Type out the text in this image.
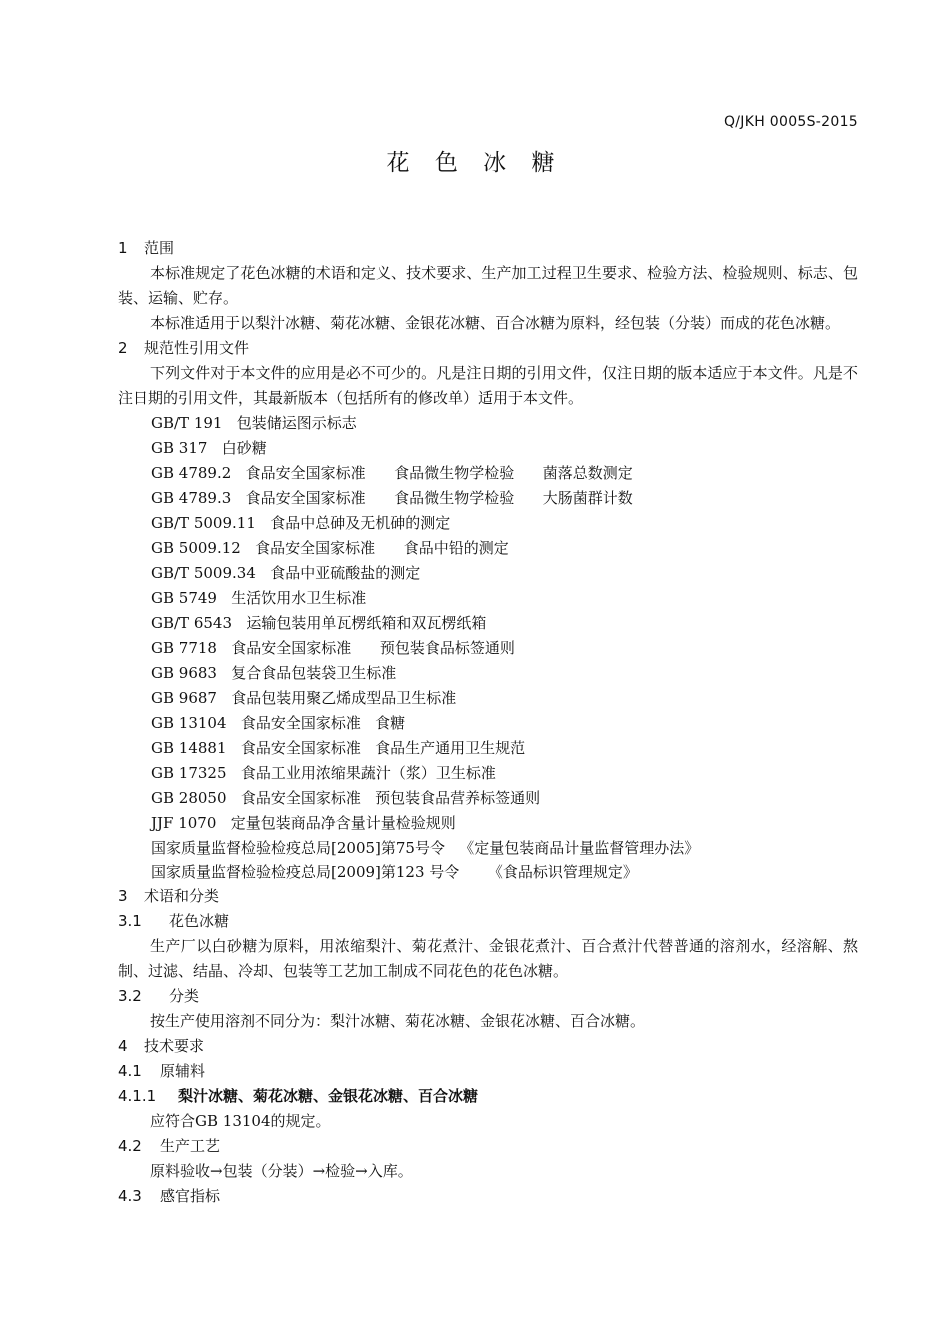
Q/JKH 0005S-2015
花 色 冰 糖
1 范围
本标准规定了花色冰糖的术语和定义、技术要求、生产加工过程卫生要求、检验方法、检验规则、标志、包装、运输、贮存。
本标准适用于以梨汁冰糖、菊花冰糖、金银花冰糖、百合冰糖为原料，经包装（分装）而成的花色冰糖。
2 规范性引用文件
下列文件对于本文件的应用是必不可少的。凡是注日期的引用文件，仅注日期的版本适应于本文件。凡是不注日期的引用文件，其最新版本（包括所有的修改单）适用于本文件。
GB/T 191 包装储运图示标志
GB 317 白砂糖
GB 4789.2 食品安全国家标准      食品微生物学检验      菌落总数测定
GB 4789.3 食品安全国家标准      食品微生物学检验      大肠菌群计数
GB/T 5009.11 食品中总砷及无机砷的测定
GB 5009.12 食品安全国家标准      食品中铅的测定
GB/T 5009.34 食品中亚硫酸盐的测定
GB 5749 生活饮用水卫生标准
GB/T 6543 运输包装用单瓦楞纸箱和双瓦楞纸箱
GB 7718 食品安全国家标准      预包装食品标签通则
GB 9683 复合食品包装袋卫生标准
GB 9687 食品包装用聚乙烯成型品卫生标准
GB 13104 食品安全国家标准   食糖
GB 14881 食品安全国家标准   食品生产通用卫生规范
GB 17325 食品工业用浓缩果蔬汁（浆）卫生标准
GB 28050 食品安全国家标准   预包装食品营养标签通则
JJF 1070 定量包装商品净含量计量检验规则
国家质量监督检验检疫总局[2005]第75号令   《定量包装商品计量监督管理办法》
国家质量监督检验检疫总局[2009]第123 号令      《食品标识管理规定》
3 术语和分类
3.1 花色冰糖
生产厂以白砂糖为原料，用浓缩梨汁、菊花煮汁、金银花煮汁、百合煮汁代替普通的溶剂水，经溶解、熬制、过滤、结晶、冷却、包装等工艺加工制成不同花色的花色冰糖。
3.2 分类
按生产使用溶剂不同分为：梨汁冰糖、菊花冰糖、金银花冰糖、百合冰糖。
4 技术要求
4.1 原辅料
4.1.1 梨汁冰糖、菊花冰糖、金银花冰糖、百合冰糖
应符合GB 13104的规定。
4.2 生产工艺
原料验收→包装（分装）→检验→入库。
4.3 感官指标
